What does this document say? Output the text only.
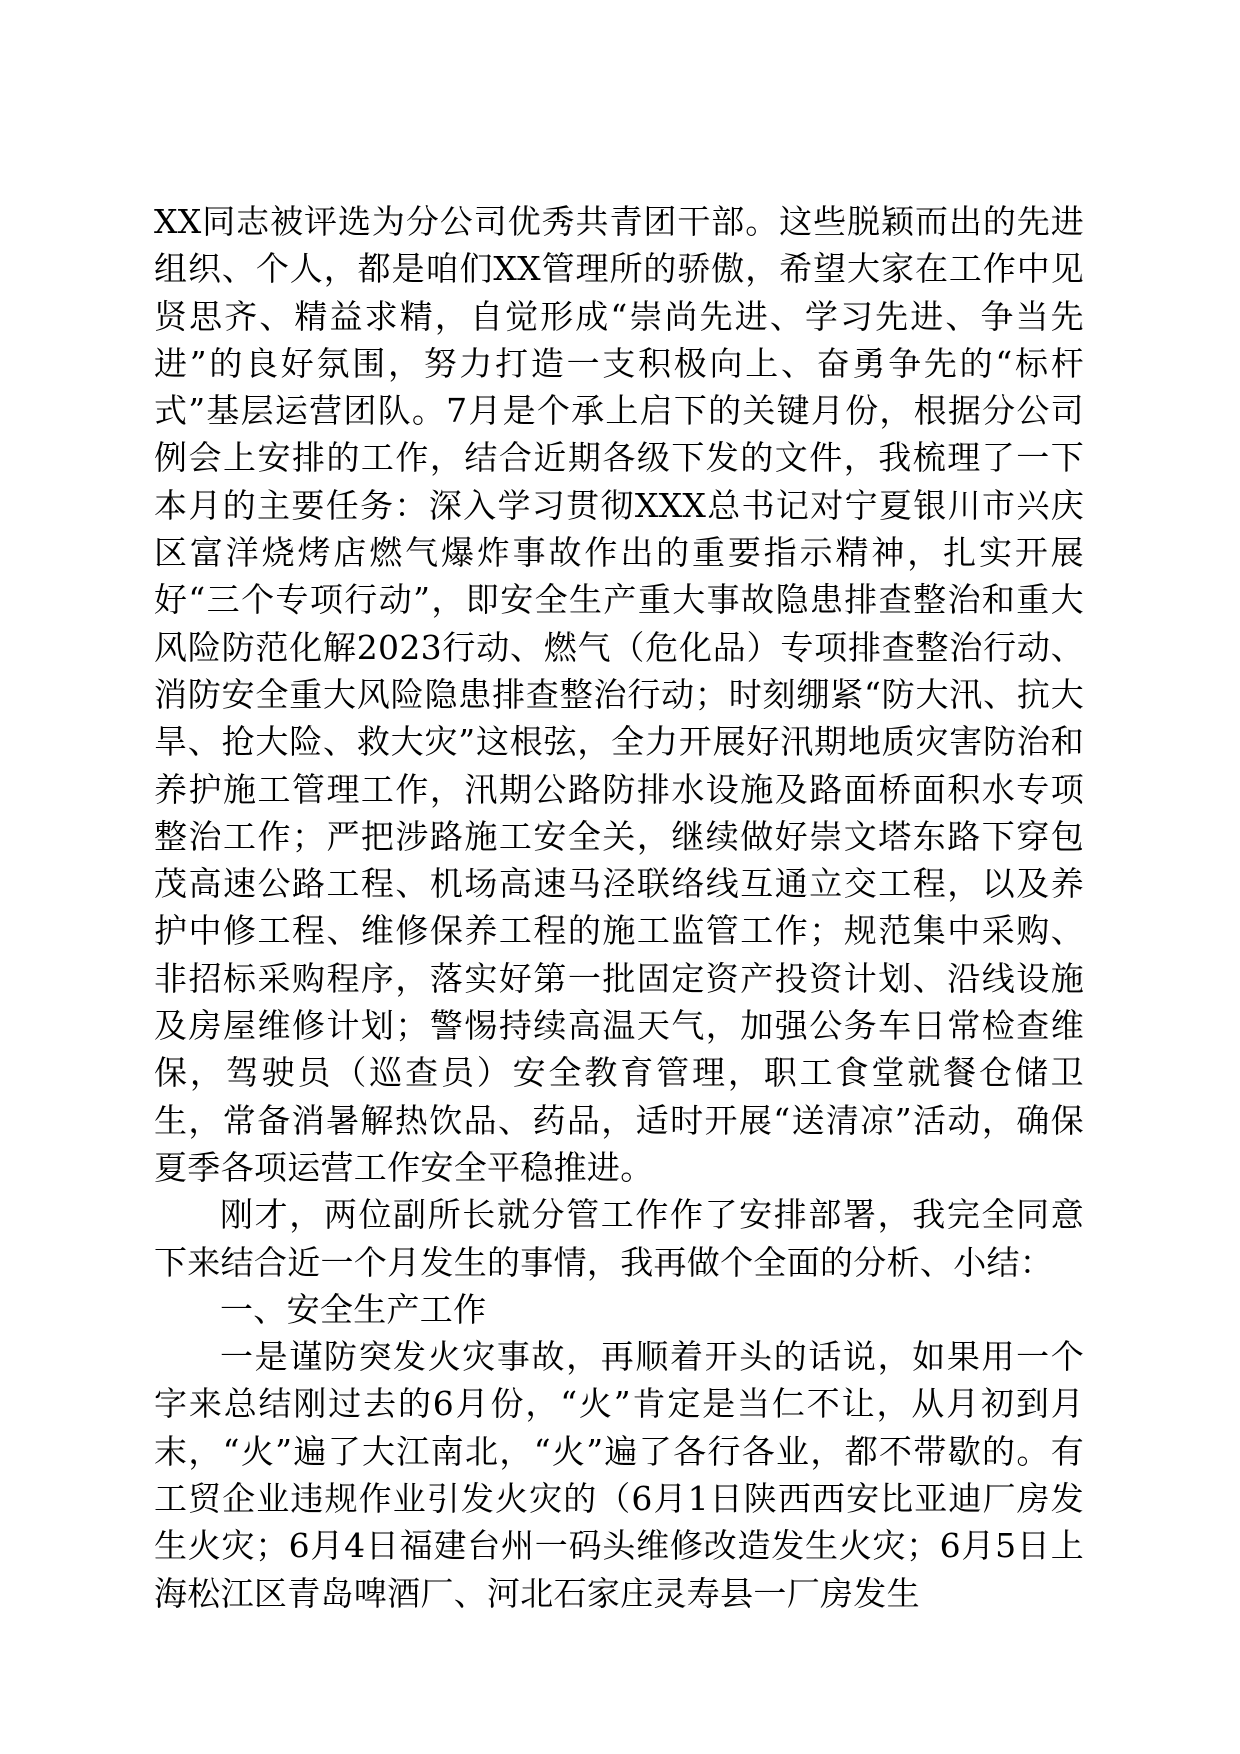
XX同志被评选为分公司优秀共青团干部。这些脱颖而出的先进组织、个人，都是咱们XX管理所的骄傲，希望大家在工作中见贤思齐、精益求精，自觉形成“崇尚先进、学习先进、争当先进”的良好氛围，努力打造一支积极向上、奋勇争先的“标杆式”基层运营团队。7月是个承上启下的关键月份，根据分公司例会上安排的工作，结合近期各级下发的文件，我梳理了一下本月的主要任务：深入学习贯彻XXX总书记对宁夏银川市兴庆区富洋烧烤店燃气爆炸事故作出的重要指示精神，扎实开展好“三个专项行动”，即安全生产重大事故隐患排查整治和重大风险防范化解2023行动、燃气（危化品）专项排查整治行动、消防安全重大风险隐患排查整治行动；时刻绷紧“防大汛、抗大旱、抢大险、救大灾”这根弦，全力开展好汛期地质灾害防治和养护施工管理工作，汛期公路防排水设施及路面桥面积水专项整治工作；严把涉路施工安全关，继续做好崇文塔东路下穿包茂高速公路工程、机场高速马泾联络线互通立交工程，以及养护中修工程、维修保养工程的施工监管工作；规范集中采购、非招标采购程序，落实好第一批固定资产投资计划、沿线设施及房屋维修计划；警惕持续高温天气，加强公务车日常检查维保，驾驶员（巡查员）安全教育管理，职工食堂就餐仓储卫生，常备消暑解热饮品、药品，适时开展“送清凉”活动，确保夏季各项运营工作安全平稳推进。

刚才，两位副所长就分管工作作了安排部署，我完全同意下来结合近一个月发生的事情，我再做个全面的分析、小结：

一、安全生产工作

一是谨防突发火灾事故，再顺着开头的话说，如果用一个字来总结刚过去的6月份，“火”肯定是当仁不让，从月初到月末，“火”遍了大江南北，“火”遍了各行各业，都不带歇的。有工贸企业违规作业引发火灾的（6月1日陕西西安比亚迪厂房发生火灾；6月4日福建台州一码头维修改造发生火灾；6月5日上海松江区青岛啤酒厂、河北石家庄灵寿县一厂房发生
